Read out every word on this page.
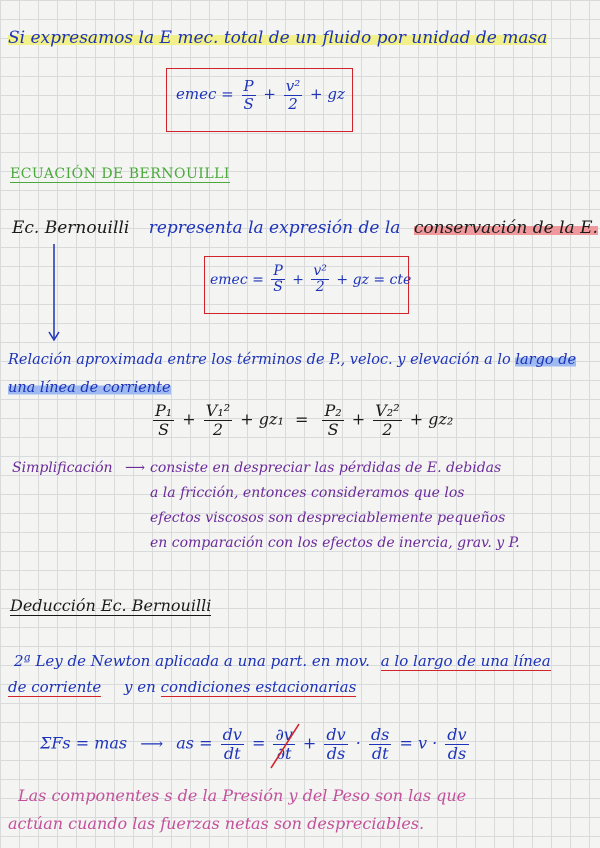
Si expresamos la E mec. total de un fluido por unidad de masa
emec = $\frac{P}{S} + \frac{\text{v²}}{2}$ + gz
ECUACIÓN DE BERNOUILLI
Ec. Bernouilli representa la expresión de la conservación de la E.
emec = $\frac{P}{S} + \frac{\text{v²}}{2}$ + gz = cte
Relación aproximada entre los términos de P., veloc. y elevación a lo largo de
una línea de corriente
$\frac{\text{P₁}}{S} + \frac{\text{V₁²}}{2} + gz_1 = \frac{\text{P₂}}{S} + \frac{\text{V₂²}}{2} + gz_2$
Simplificación ⟶ consiste en despreciar las pérdidas de E. debidas
a la fricción, entonces consideramos que los
efectos viscosos son despreciablemente pequeños
en comparación con los efectos de inercia, grav. y P.
Deducción Ec. Bernouilli
2ª Ley de Newton aplicada a una part. en mov. a lo largo de una línea
de corriente y en condiciones estacionarias
ΣFs = mas ⟶ as = $\frac{dv}{dt} = \frac{\partial v}{\partial t} + \frac{dv}{ds} \cdot \frac{ds}{dt} = v \cdot \frac{dv}{ds}$
Las componentes s de la Presión y del Peso son las que
actúan cuando las fuerzas netas son despreciables.
